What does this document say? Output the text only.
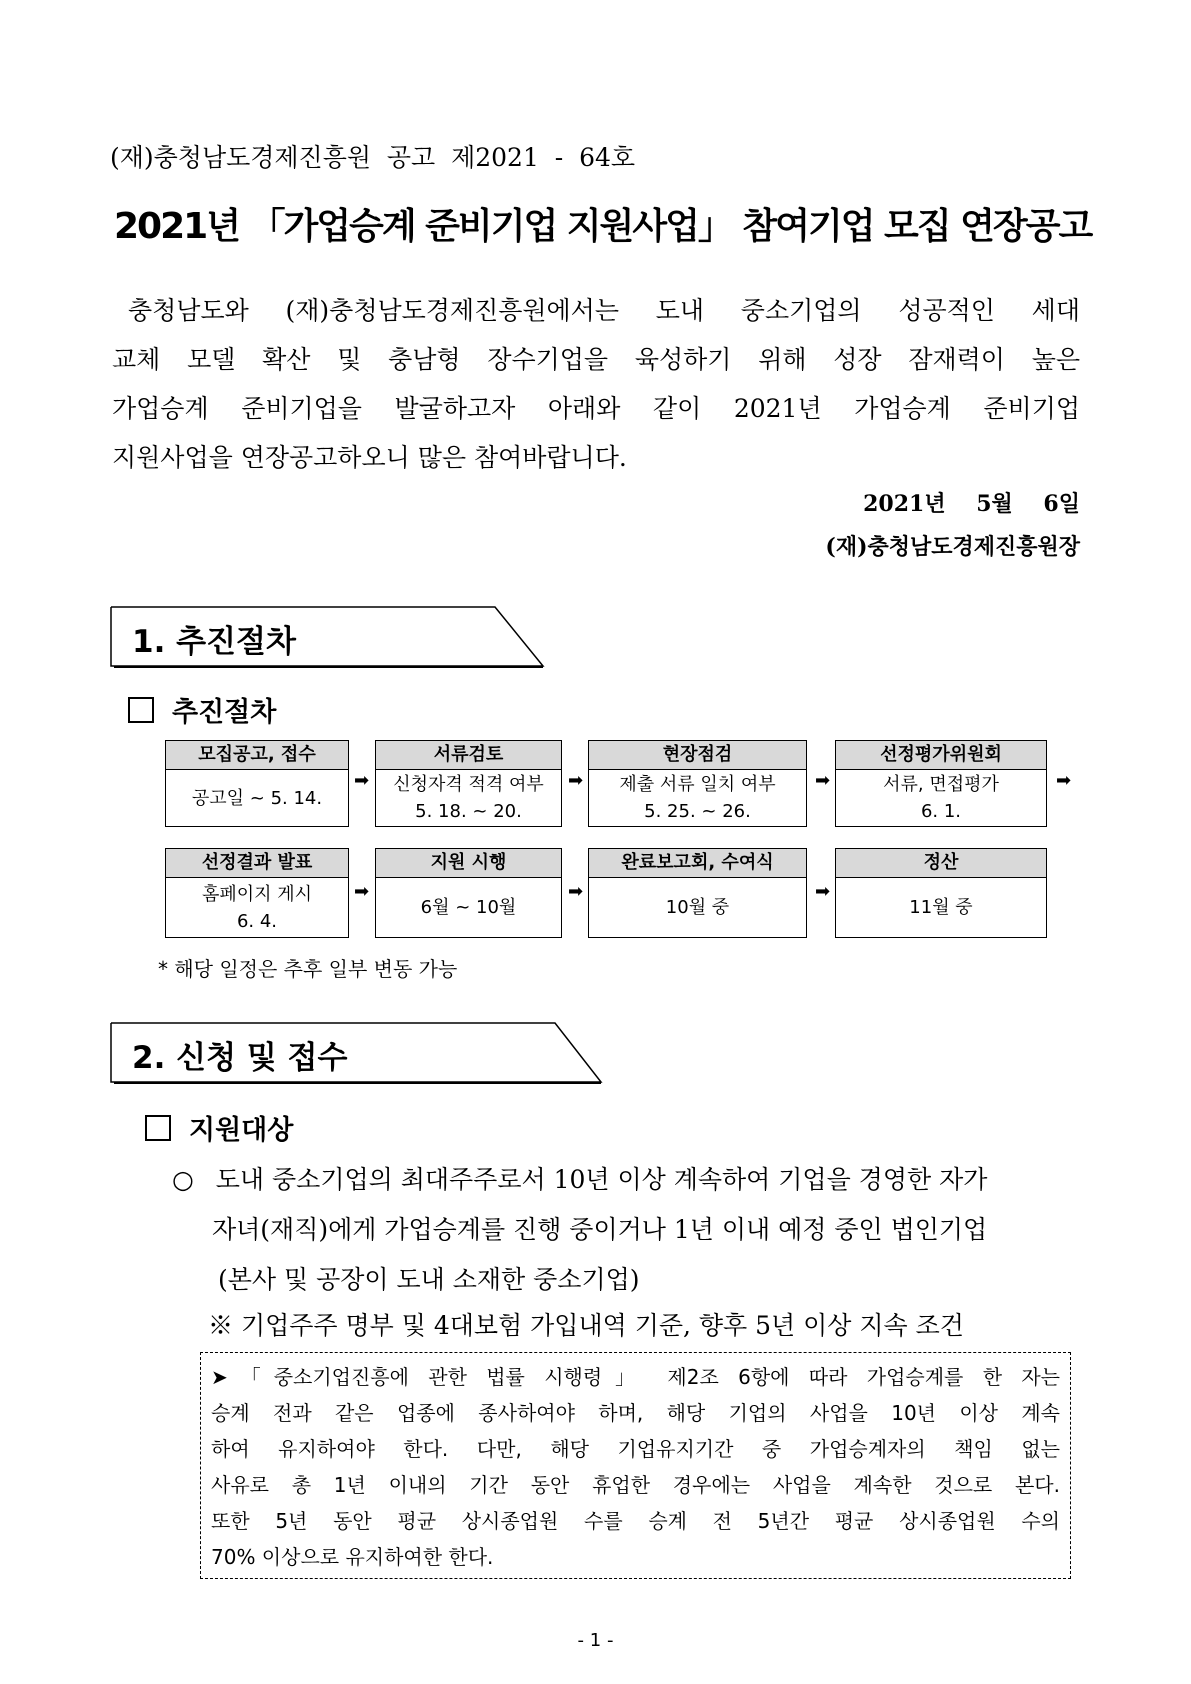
(재)충청남도경제진흥원  공고  제2021  -  64호
2021년 「가업승계 준비기업 지원사업」 참여기업 모집 연장공고
충청남도와 (재)충청남도경제진흥원에서는 도내 중소기업의 성공적인 세대
교체 모델 확산 및 충남형 장수기업을 육성하기 위해 성장 잠재력이 높은
가업승계 준비기업을 발굴하고자 아래와 같이 2021년 가업승계 준비기업
지원사업을 연장공고하오니 많은 참여바랍니다.
2021년    5월    6일
(재)충청남도경제진흥원장
1. 추진절차
추진절차
모집공고, 접수
공고일 ~ 5. 14.
➡
서류검토
신청자격 적격 여부
5. 18. ~ 20.
➡
현장점검
제출 서류 일치 여부
5. 25. ~ 26.
➡
선정평가위원회
서류, 면접평가
6. 1.
➡
선정결과 발표
홈페이지 게시
6. 4.
➡
지원 시행
6월 ~ 10월
➡
완료보고회, 수여식
10월 중
➡
정산
11월 중
* 해당 일정은 추후 일부 변동 가능
2. 신청 및 접수
지원대상
○ 도내 중소기업의 최대주주로서 10년 이상 계속하여 기업을 경영한 자가
자녀(재직)에게 가업승계를 진행 중이거나 1년 이내 예정 중인 법인기업
(본사 및 공장이 도내 소재한 중소기업)
※ 기업주주 명부 및 4대보험 가입내역 기준, 향후 5년 이상 지속 조건
➤「중소기업진흥에 관한 법률 시행령」 제2조 6항에 따라 가업승계를 한 자는
승계 전과 같은 업종에 종사하여야 하며, 해당 기업의 사업을 10년 이상 계속
하여 유지하여야 한다. 다만, 해당 기업유지기간 중 가업승계자의 책임 없는
사유로 총 1년 이내의 기간 동안 휴업한 경우에는 사업을 계속한 것으로 본다.
또한 5년 동안 평균 상시종업원 수를 승계 전 5년간 평균 상시종업원 수의
70% 이상으로 유지하여한 한다.
- 1 -
